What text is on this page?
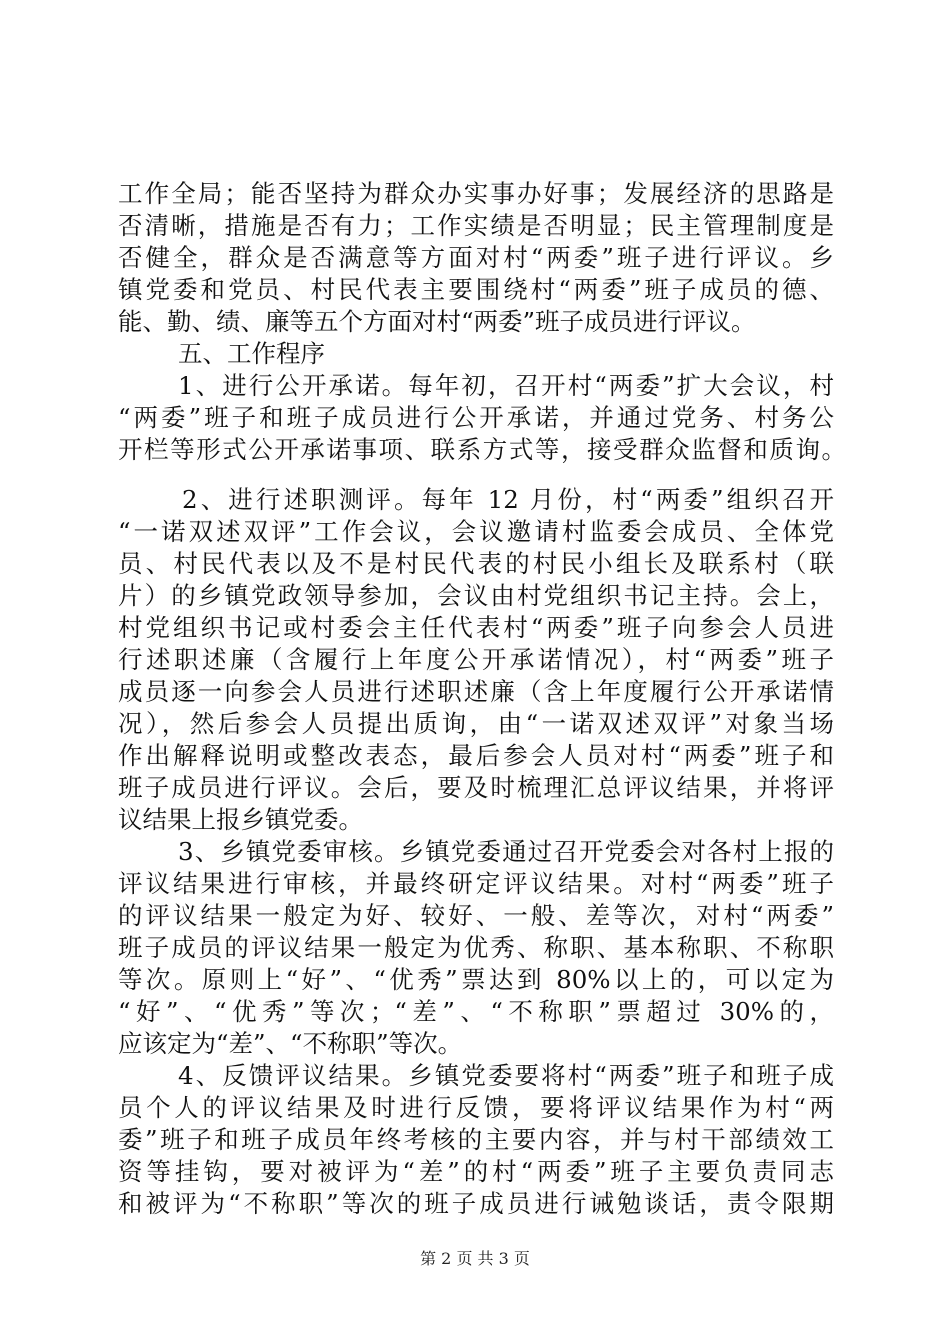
工作全局；能否坚持为群众办实事办好事；发展经济的思路是
否清晰，措施是否有力；工作实绩是否明显；民主管理制度是
否健全，群众是否满意等方面对村“两委”班子进行评议。乡
镇党委和党员、村民代表主要围绕村“两委”班子成员的德、
能、勤、绩、廉等五个方面对村“两委”班子成员进行评议。
五、工作程序
1、进行公开承诺。每年初，召开村“两委”扩大会议，村
“两委”班子和班子成员进行公开承诺，并通过党务、村务公
开栏等形式公开承诺事项、联系方式等，接受群众监督和质询。
2、进行述职测评。每年 12 月份，村“两委”组织召开
“一诺双述双评”工作会议，会议邀请村监委会成员、全体党
员、村民代表以及不是村民代表的村民小组长及联系村（联
片）的乡镇党政领导参加，会议由村党组织书记主持。会上，
村党组织书记或村委会主任代表村“两委”班子向参会人员进
行述职述廉（含履行上年度公开承诺情况），村“两委”班子
成员逐一向参会人员进行述职述廉（含上年度履行公开承诺情
况），然后参会人员提出质询，由“一诺双述双评”对象当场
作出解释说明或整改表态，最后参会人员对村“两委”班子和
班子成员进行评议。会后，要及时梳理汇总评议结果，并将评
议结果上报乡镇党委。
3、乡镇党委审核。乡镇党委通过召开党委会对各村上报的
评议结果进行审核，并最终研定评议结果。对村“两委”班子
的评议结果一般定为好、较好、一般、差等次，对村“两委”
班子成员的评议结果一般定为优秀、称职、基本称职、不称职
等次。原则上“好”、“优秀”票达到 80%以上的，可以定为
“好”、“优秀”等次；“差”、“不称职”票超过 30%的，
应该定为“差”、“不称职”等次。
4、反馈评议结果。乡镇党委要将村“两委”班子和班子成
员个人的评议结果及时进行反馈，要将评议结果作为村“两
委”班子和班子成员年终考核的主要内容，并与村干部绩效工
资等挂钩，要对被评为“差”的村“两委”班子主要负责同志
和被评为“不称职”等次的班子成员进行诫勉谈话，责令限期
第 2 页 共 3 页
